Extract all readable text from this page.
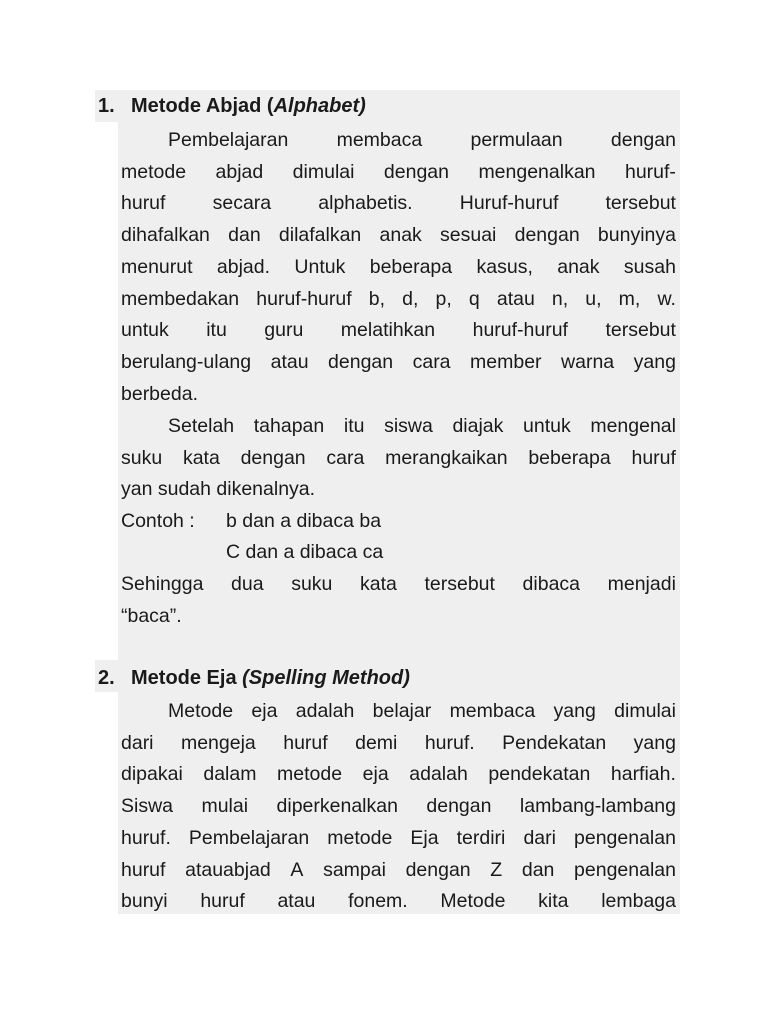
1. Metode Abjad (Alphabet)
Pembelajaran membaca permulaan dengan
metode abjad dimulai dengan mengenalkan huruf-
huruf secara alphabetis. Huruf-huruf tersebut
dihafalkan dan dilafalkan anak sesuai dengan bunyinya
menurut abjad. Untuk beberapa kasus, anak susah
membedakan huruf-huruf b, d, p, q atau n, u, m, w.
untuk itu guru melatihkan huruf-huruf tersebut
berulang-ulang atau dengan cara member warna yang
berbeda.
Setelah tahapan itu siswa diajak untuk mengenal
suku kata dengan cara merangkaikan beberapa huruf
yan sudah dikenalnya.
Contoh : b dan a dibaca ba
C dan a dibaca ca
Sehingga dua suku kata tersebut dibaca menjadi
“baca”.
2. Metode Eja (Spelling Method)
Metode eja adalah belajar membaca yang dimulai
dari mengeja huruf demi huruf. Pendekatan yang
dipakai dalam metode eja adalah pendekatan harfiah.
Siswa mulai diperkenalkan dengan lambang-lambang
huruf. Pembelajaran metode Eja terdiri dari pengenalan
huruf atauabjad A sampai dengan Z dan pengenalan
bunyi huruf atau fonem. Metode kita lembaga
